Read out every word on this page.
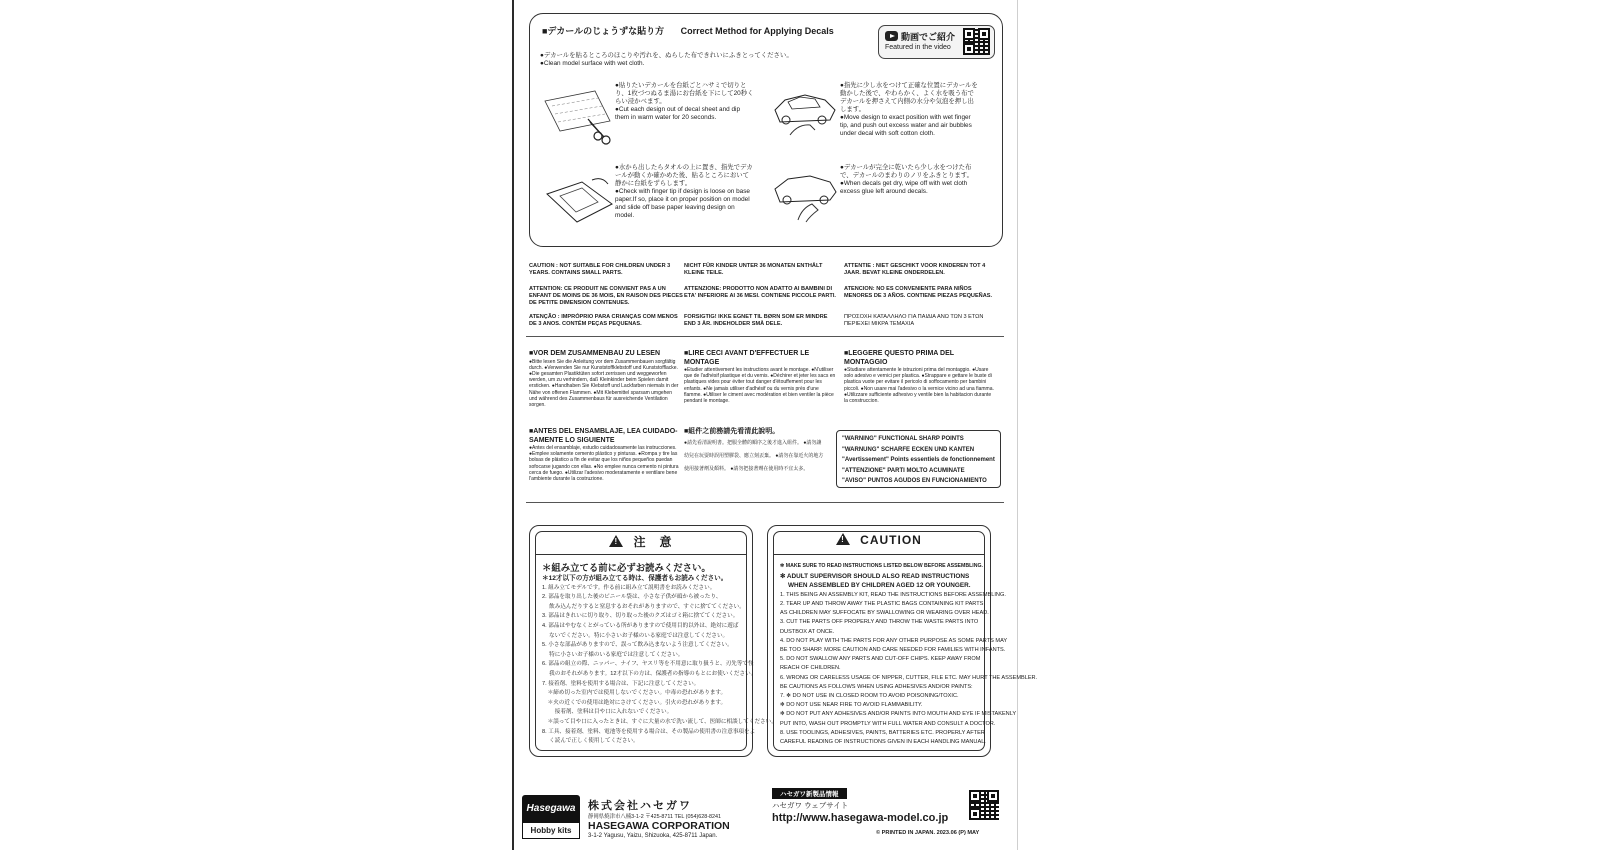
■デカールのじょうずな貼り方 Correct Method for Applying Decals
動画でご紹介
Featured in the video
●デカールを貼るところのほこりや汚れを、ぬらした布できれいにふきとってください。
●Clean model surface with wet cloth.
●貼りたいデカールを台紙ごとハサミで切りとり、1枚づつぬるま湯にお台紙を下にして20秒くらい浸かべます。
●Cut each design out of decal sheet and dip them in warm water for 20 seconds.
●指先に少し水をつけて正確な位置にデカールを動かした後で、やわらかく、よく水を吸う布でデカールを押さえて内側の水分や気泡を押し出します。
●Move design to exact position with wet finger tip, and push out excess water and air bubbles under decal with soft cotton cloth.
●水から出したらタオルの上に置き、指先でデカールが動くか確かめた後、貼るところにおいて静かに台紙をずらします。
●Check with finger tip if design is loose on base paper.If so, place it on proper position on model and slide off base paper leaving design on model.
●デカールが完全に乾いたら少し水をつけた布で、デカールのまわりのノリをふきとります。
●When decals get dry, wipe off with wet cloth excess glue left around decals.
CAUTION : NOT SUITABLE FOR CHILDREN UNDER 3 YEARS. CONTAINS SMALL PARTS.
NICHT FÜR KINDER UNTER 36 MONATEN ENTHÄLT KLEINE TEILE.
ATTENTIE : NIET GESCHIKT VOOR KINDEREN TOT 4 JAAR. BEVAT KLEINE ONDERDELEN.
ATTENTION: CE PRODUIT NE CONVIENT PAS A UN ENFANT DE MOINS DE 36 MOIS, EN RAISON DES PIECES DE PETITE DIMENSION CONTENUES.
ATTENZIONE: PRODOTTO NON ADATTO AI BAMBINI DI ETA' INFERIORE AI 36 MESI. CONTIENE PICCOLE PARTI.
ATENCION: NO ES CONVENIENTE PARA NIÑOS MENORES DE 3 AÑOS. CONTIENE PIEZAS PEQUEÑAS.
ATENÇÃO : IMPRÓPRIO PARA CRIANÇAS COM MENOS DE 3 ANOS. CONTÉM PEÇAS PEQUENAS.
FORSIGTIG! IKKE EGNET TIL BØRN SOM ER MINDRE END 3 ÅR. INDEHOLDER SMÅ DELE.
ΠΡΟΣΟΧΗ ΚΑΤΑΛΛΗΛΟ ΓΙΑ ΠΑΙΔΙΑ ΑΝΩ ΤΩΝ 3 ΕΤΩΝ ΠΕΡΙΕΧΕΙ ΜΙΚΡΑ ΤΕΜΑΧΙΑ
■VOR DEM ZUSAMMENBAU ZU LESEN
●Bitte lesen Sie die Anleitung vor dem Zusammenbauen sorgfältig durch. ●Verwenden Sie nur Kunststoffklebstoff und Kunststofflacke. ●Die gesamten Plastiktüten sofort zerrissen und weggeworfen werden, um zu verhindern, daß Kleinkinder beim Spielen damit ersticken. ●Handhaben Sie Klebstoff und Lackfarben niemals in der Nähe von offenen Flammen. ●Mit Klebemittel sparsam umgehen und während des Zusammenbaus für ausreichende Ventilation sorgen.
■LIRE CECI AVANT D'EFFECTUER LE MONTAGE
●Etudier attentivement les instructions avant le montage. ●N'utiliser que de l'adhésif plastique et du vernis. ●Déchirer et jeter les sacs en plastiques vides pour éviter tout danger d'étouffement pour les enfants. ●Ne jamais utiliser d'adhésif ou du vernis près d'une flamme. ●Utiliser le ciment avec modération et bien ventiler la pièce pendant le montage.
■LEGGERE QUESTO PRIMA DEL MONTAGGIO
●Studiare attentamente le istruzioni prima del montaggio. ●Usare solo adesivo e vernici per plastica. ●Strappare e gettare le buste di plastica vuote per evitare il pericolo di soffocamento per bambini piccoli. ●Non usare mai l'adesivo o la vernice vicino ad una fiamma. ●Utilizzare sufficiente adhesivo y ventile bien la habitacion durante la construccion.
■ANTES DEL ENSAMBLAJE, LEA CUIDADO-SAMENTE LO SIGUIENTE
●Antes del ensamblaje, estudio cuidadosamente las instrucciones. ●Emplee solamente cemento plástico y pinturas. ●Rompa y tire las bolsas de plástico a fin de evitar que los niños pequeños puedan sofocarse jugando con ellas. ●No emplee nunca cemento ni pintura cerca de fuego. ●Utilizar l'adesivo moderatamente e ventilare bene l'ambiente durante la costruzione.
■組件之前務請先看清此說明。
●請先看清說明書。把服全體的順序之後才進入組件。 ●請勿讓幼兒在玩耍時誤用塑膠袋、應立刻丟棄。 ●請勿在靠近火的地方使用接著劑及顏料。 ●請勿把接著劑在使用時不宜太多。
"WARNING" FUNCTIONAL SHARP POINTS
"WARNUNG" SCHARFE ECKEN UND KANTEN
"Avertissement" Points essentiels de fonctionnement
"ATTENZIONE" PARTI MOLTO ACUMINATE
"AVISO" PUNTOS AGUDOS EN FUNCIONAMIENTO
!注　意
＊組み立てる前に必ずお読みください。
＊12才以下の方が組み立てる時は、保護者もお読みください。
1. 組み立てモデルです。作る前に組み立て説明書をお読みください。
2. 部品を取り出した後のビニール袋は、小さな子供が頭から被ったり、
　 飲み込んだりすると窒息するおそれがありますので、すぐに捨ててください。
3. 部品はきれいに切り取り、切り取った後のクズはゴミ箱に捨ててください。
4. 部品はやむなくとがっている所がありますので使用目的以外は、絶対に遊ば
　 ないでください。特に小さいお子様のいる家庭では注意してください。
5. 小さな部品がありますので、誤って飲み込まないよう注意してください。
　 特に小さいお子様のいる家庭では注意してください。
6. 部品の組立の際、ニッパー、ナイフ、ヤスリ等を不用意に取り扱うと、刃先等で怪
　 我のおそれがあります。12才以下の方は、保護者の指導のもとにお使いください。
7. 接着剤、塗料を使用する場合は、下記に注意してください。
　＊締め切った室内では使用しないでください。中毒の恐れがあります。
　＊火の近くでの使用は絶対にさけてください。引火の恐れがあります。
　　 接着剤、塗料は目や口に入れないでください。
　＊誤って目や口に入ったときは、すぐに大量の水で洗い流して、医師に相談してください。
8. 工具、接着剤、塗料、電池等を使用する場合は、その製品の使用書の注意事項をよ
　 く読んで正しく使用してください。
!CAUTION
✻ MAKE SURE TO READ INSTRUCTIONS LISTED BELOW BEFORE ASSEMBLING.
✻ ADULT SUPERVISOR SHOULD ALSO READ INSTRUCTIONS
WHEN ASSEMBLED BY CHILDREN AGED 12 OR YOUNGER.
1. THIS BEING AN ASSEMBLY KIT, READ THE INSTRUCTIONS BEFORE ASSEMBLING.
2. TEAR UP AND THROW AWAY THE PLASTIC BAGS CONTAINING KIT PARTS
AS CHILDREN MAY SUFFOCATE BY SWALLOWING OR WEARING OVER HEAD.
3. CUT THE PARTS OFF PROPERLY AND THROW THE WASTE PARTS INTO
DUSTBOX AT ONCE.
4. DO NOT PLAY WITH THE PARTS FOR ANY OTHER PURPOSE AS SOME PARTS MAY
BE TOO SHARP. MORE CAUTION AND CARE NEEDED FOR FAMILIES WITH INFANTS.
5. DO NOT SWALLOW ANY PARTS AND CUT-OFF CHIPS. KEEP AWAY FROM
REACH OF CHILDREN.
6. WRONG OR CARELESS USAGE OF NIPPER, CUTTER, FILE ETC. MAY HURT THE ASSEMBLER.
BE CAUTIONS AS FOLLOWS WHEN USING ADHESIVES AND/OR PAINTS:
7. ✻ DO NOT USE IN CLOSED ROOM TO AVOID POISONING/TOXIC.
✻ DO NOT USE NEAR FIRE TO AVOID FLAMMABILITY.
✻ DO NOT PUT ANY ADHESIVES AND/OR PAINTS INTO MOUTH AND EYE IF MISTAKENLY
PUT INTO, WASH OUT PROMPTLY WITH FULL WATER AND CONSULT A DOCTOR.
8. USE TOOLINGS, ADHESIVES, PAINTS, BATTERIES ETC. PROPERLY AFTER
CAREFUL READING OF INSTRUCTIONS GIVEN IN EACH HANDLING MANUAL.
Hasegawa
Hobby kits
株式会社ハセガワ
静岡県焼津市八楠3-1-2 〒425-8711 TEL (054)628-8241
HASEGAWA CORPORATION
3-1-2 Yagusu, Yaizu, Shizuoka, 425-8711 Japan.
ハセガワ新製品情報
ハセガワ ウェブサイト
http://www.hasegawa-model.co.jp
© PRINTED IN JAPAN. 2023.06 (P) MAY
